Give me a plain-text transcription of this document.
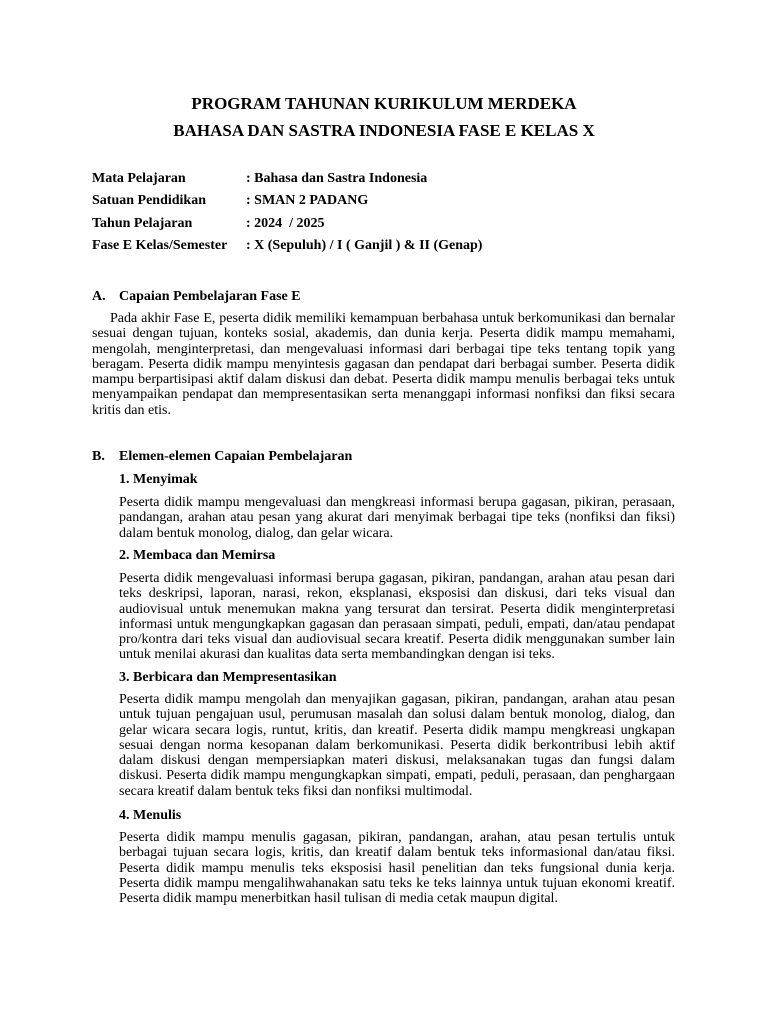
PROGRAM TAHUNAN KURIKULUM MERDEKA
BAHASA DAN SASTRA INDONESIA FASE E KELAS X
Mata Pelajaran	: Bahasa dan Sastra Indonesia
Satuan Pendidikan	: SMAN 2 PADANG
Tahun Pelajaran	: 2024  / 2025
Fase E Kelas/Semester : X (Sepuluh) / I ( Ganjil ) & II (Genap)
A. Capaian Pembelajaran Fase E
Pada akhir Fase E, peserta didik memiliki kemampuan berbahasa untuk berkomunikasi dan bernalar sesuai dengan tujuan, konteks sosial, akademis, dan dunia kerja. Peserta didik mampu memahami, mengolah, menginterpretasi, dan mengevaluasi informasi dari berbagai tipe teks tentang topik yang beragam. Peserta didik mampu menyintesis gagasan dan pendapat dari berbagai sumber. Peserta didik mampu berpartisipasi aktif dalam diskusi dan debat. Peserta didik mampu menulis berbagai teks untuk menyampaikan pendapat dan mempresentasikan serta menanggapi informasi nonfiksi dan fiksi secara kritis dan etis.
B. Elemen-elemen Capaian Pembelajaran
1. Menyimak
Peserta didik mampu mengevaluasi dan mengkreasi informasi berupa gagasan, pikiran, perasaan, pandangan, arahan atau pesan yang akurat dari menyimak berbagai tipe teks (nonfiksi dan fiksi) dalam bentuk monolog, dialog, dan gelar wicara.
2. Membaca dan Memirsa
Peserta didik mengevaluasi informasi berupa gagasan, pikiran, pandangan, arahan atau pesan dari teks deskripsi, laporan, narasi, rekon, eksplanasi, eksposisi dan diskusi, dari teks visual dan audiovisual untuk menemukan makna yang tersurat dan tersirat. Peserta didik menginterpretasi informasi untuk mengungkapkan gagasan dan perasaan simpati, peduli, empati, dan/atau pendapat pro/kontra dari teks visual dan audiovisual secara kreatif. Peserta didik menggunakan sumber lain untuk menilai akurasi dan kualitas data serta membandingkan dengan isi teks.
3. Berbicara dan Mempresentasikan
Peserta didik mampu mengolah dan menyajikan gagasan, pikiran, pandangan, arahan atau pesan untuk tujuan pengajuan usul, perumusan masalah dan solusi dalam bentuk monolog, dialog, dan gelar wicara secara logis, runtut, kritis, dan kreatif. Peserta didik mampu mengkreasi ungkapan sesuai dengan norma kesopanan dalam berkomunikasi. Peserta didik berkontribusi lebih aktif dalam diskusi dengan mempersiapkan materi diskusi, melaksanakan tugas dan fungsi dalam diskusi. Peserta didik mampu mengungkapkan simpati, empati, peduli, perasaan, dan penghargaan secara kreatif dalam bentuk teks fiksi dan nonfiksi multimodal.
4. Menulis
Peserta didik mampu menulis gagasan, pikiran, pandangan, arahan, atau pesan tertulis untuk berbagai tujuan secara logis, kritis, dan kreatif dalam bentuk teks informasional dan/atau fiksi. Peserta didik mampu menulis teks eksposisi hasil penelitian dan teks fungsional dunia kerja. Peserta didik mampu mengalihwahanakan satu teks ke teks lainnya untuk tujuan ekonomi kreatif. Peserta didik mampu menerbitkan hasil tulisan di media cetak maupun digital.
